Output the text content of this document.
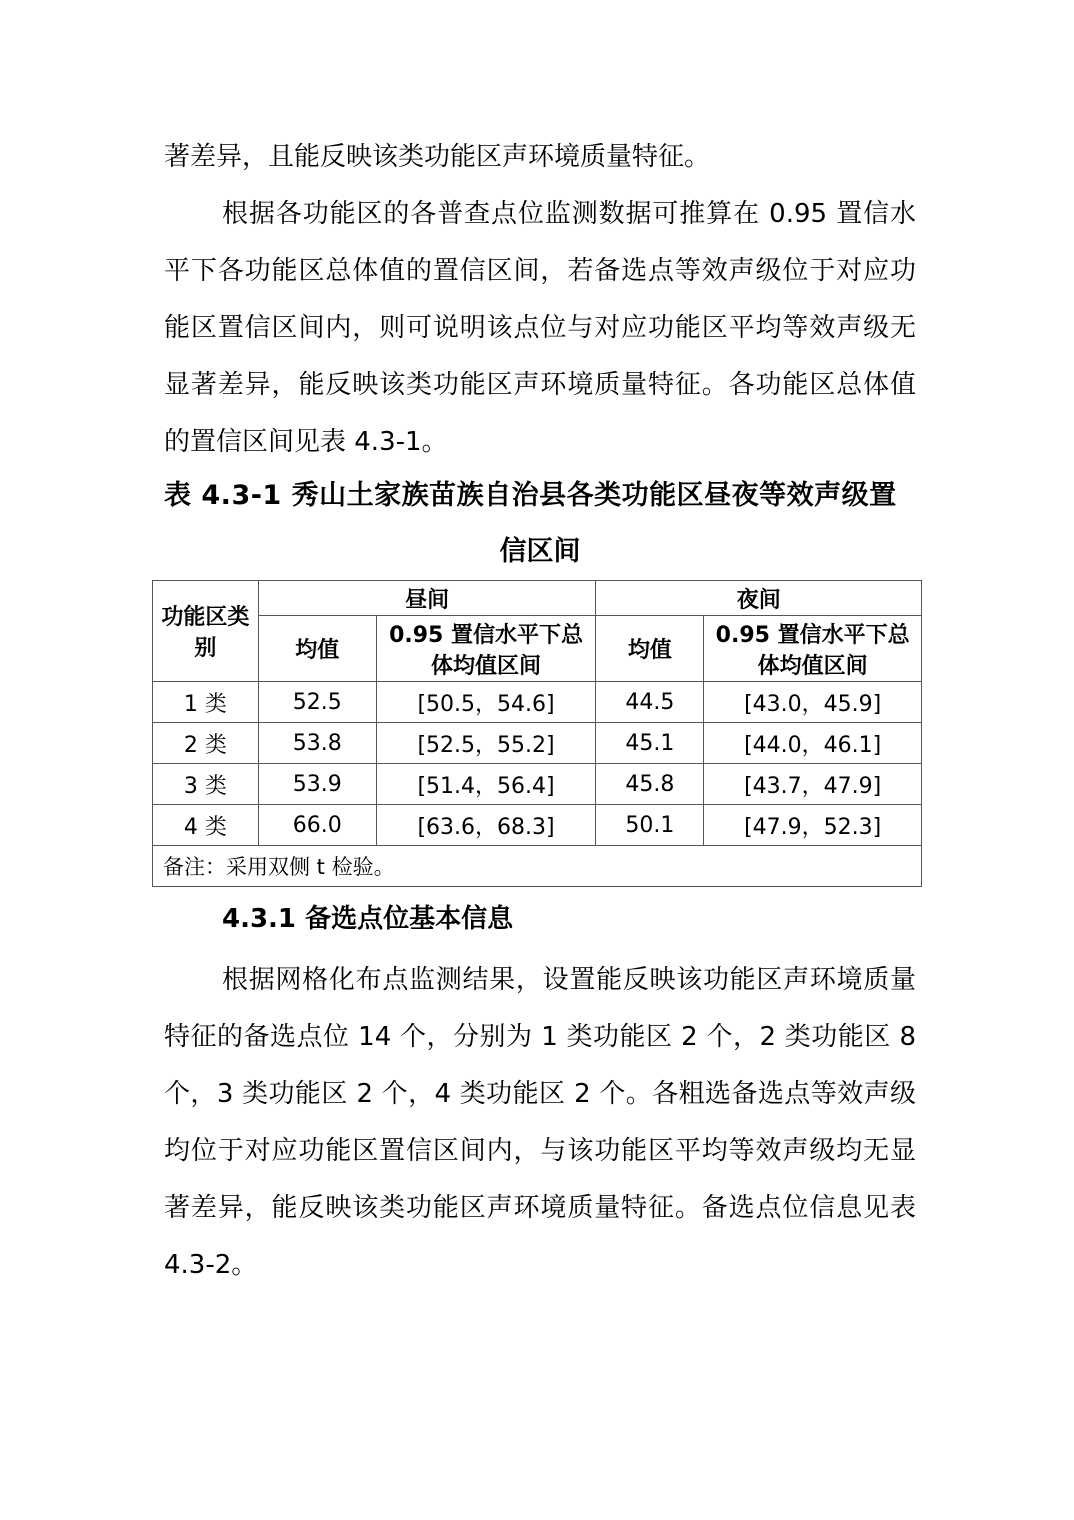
著差异，且能反映该类功能区声环境质量特征。

根据各功能区的各普查点位监测数据可推算在 0.95 置信水平下各功能区总体值的置信区间，若备选点等效声级位于对应功能区置信区间内，则可说明该点位与对应功能区平均等效声级无显著差异，能反映该类功能区声环境质量特征。各功能区总体值的置信区间见表 4.3-1。

表 4.3-1 秀山土家族苗族自治县各类功能区昼夜等效声级置
信区间
功能区类别	昼间		夜间	
	均值	0.95 置信水平下总体均值区间	均值	0.95 置信水平下总体均值区间
1 类	52.5	[50.5，54.6]	44.5	[43.0，45.9]
2 类	53.8	[52.5，55.2]	45.1	[44.0，46.1]
3 类	53.9	[51.4，56.4]	45.8	[43.7，47.9]
4 类	66.0	[63.6，68.3]	50.1	[47.9，52.3]
备注：采用双侧 t 检验。				
4.3.1 备选点位基本信息

根据网格化布点监测结果，设置能反映该功能区声环境质量特征的备选点位 14 个，分别为 1 类功能区 2 个，2 类功能区 8 个，3 类功能区 2 个，4 类功能区 2 个。各粗选备选点等效声级均位于对应功能区置信区间内，与该功能区平均等效声级均无显著差异，能反映该类功能区声环境质量特征。备选点位信息见表 4.3-2。
